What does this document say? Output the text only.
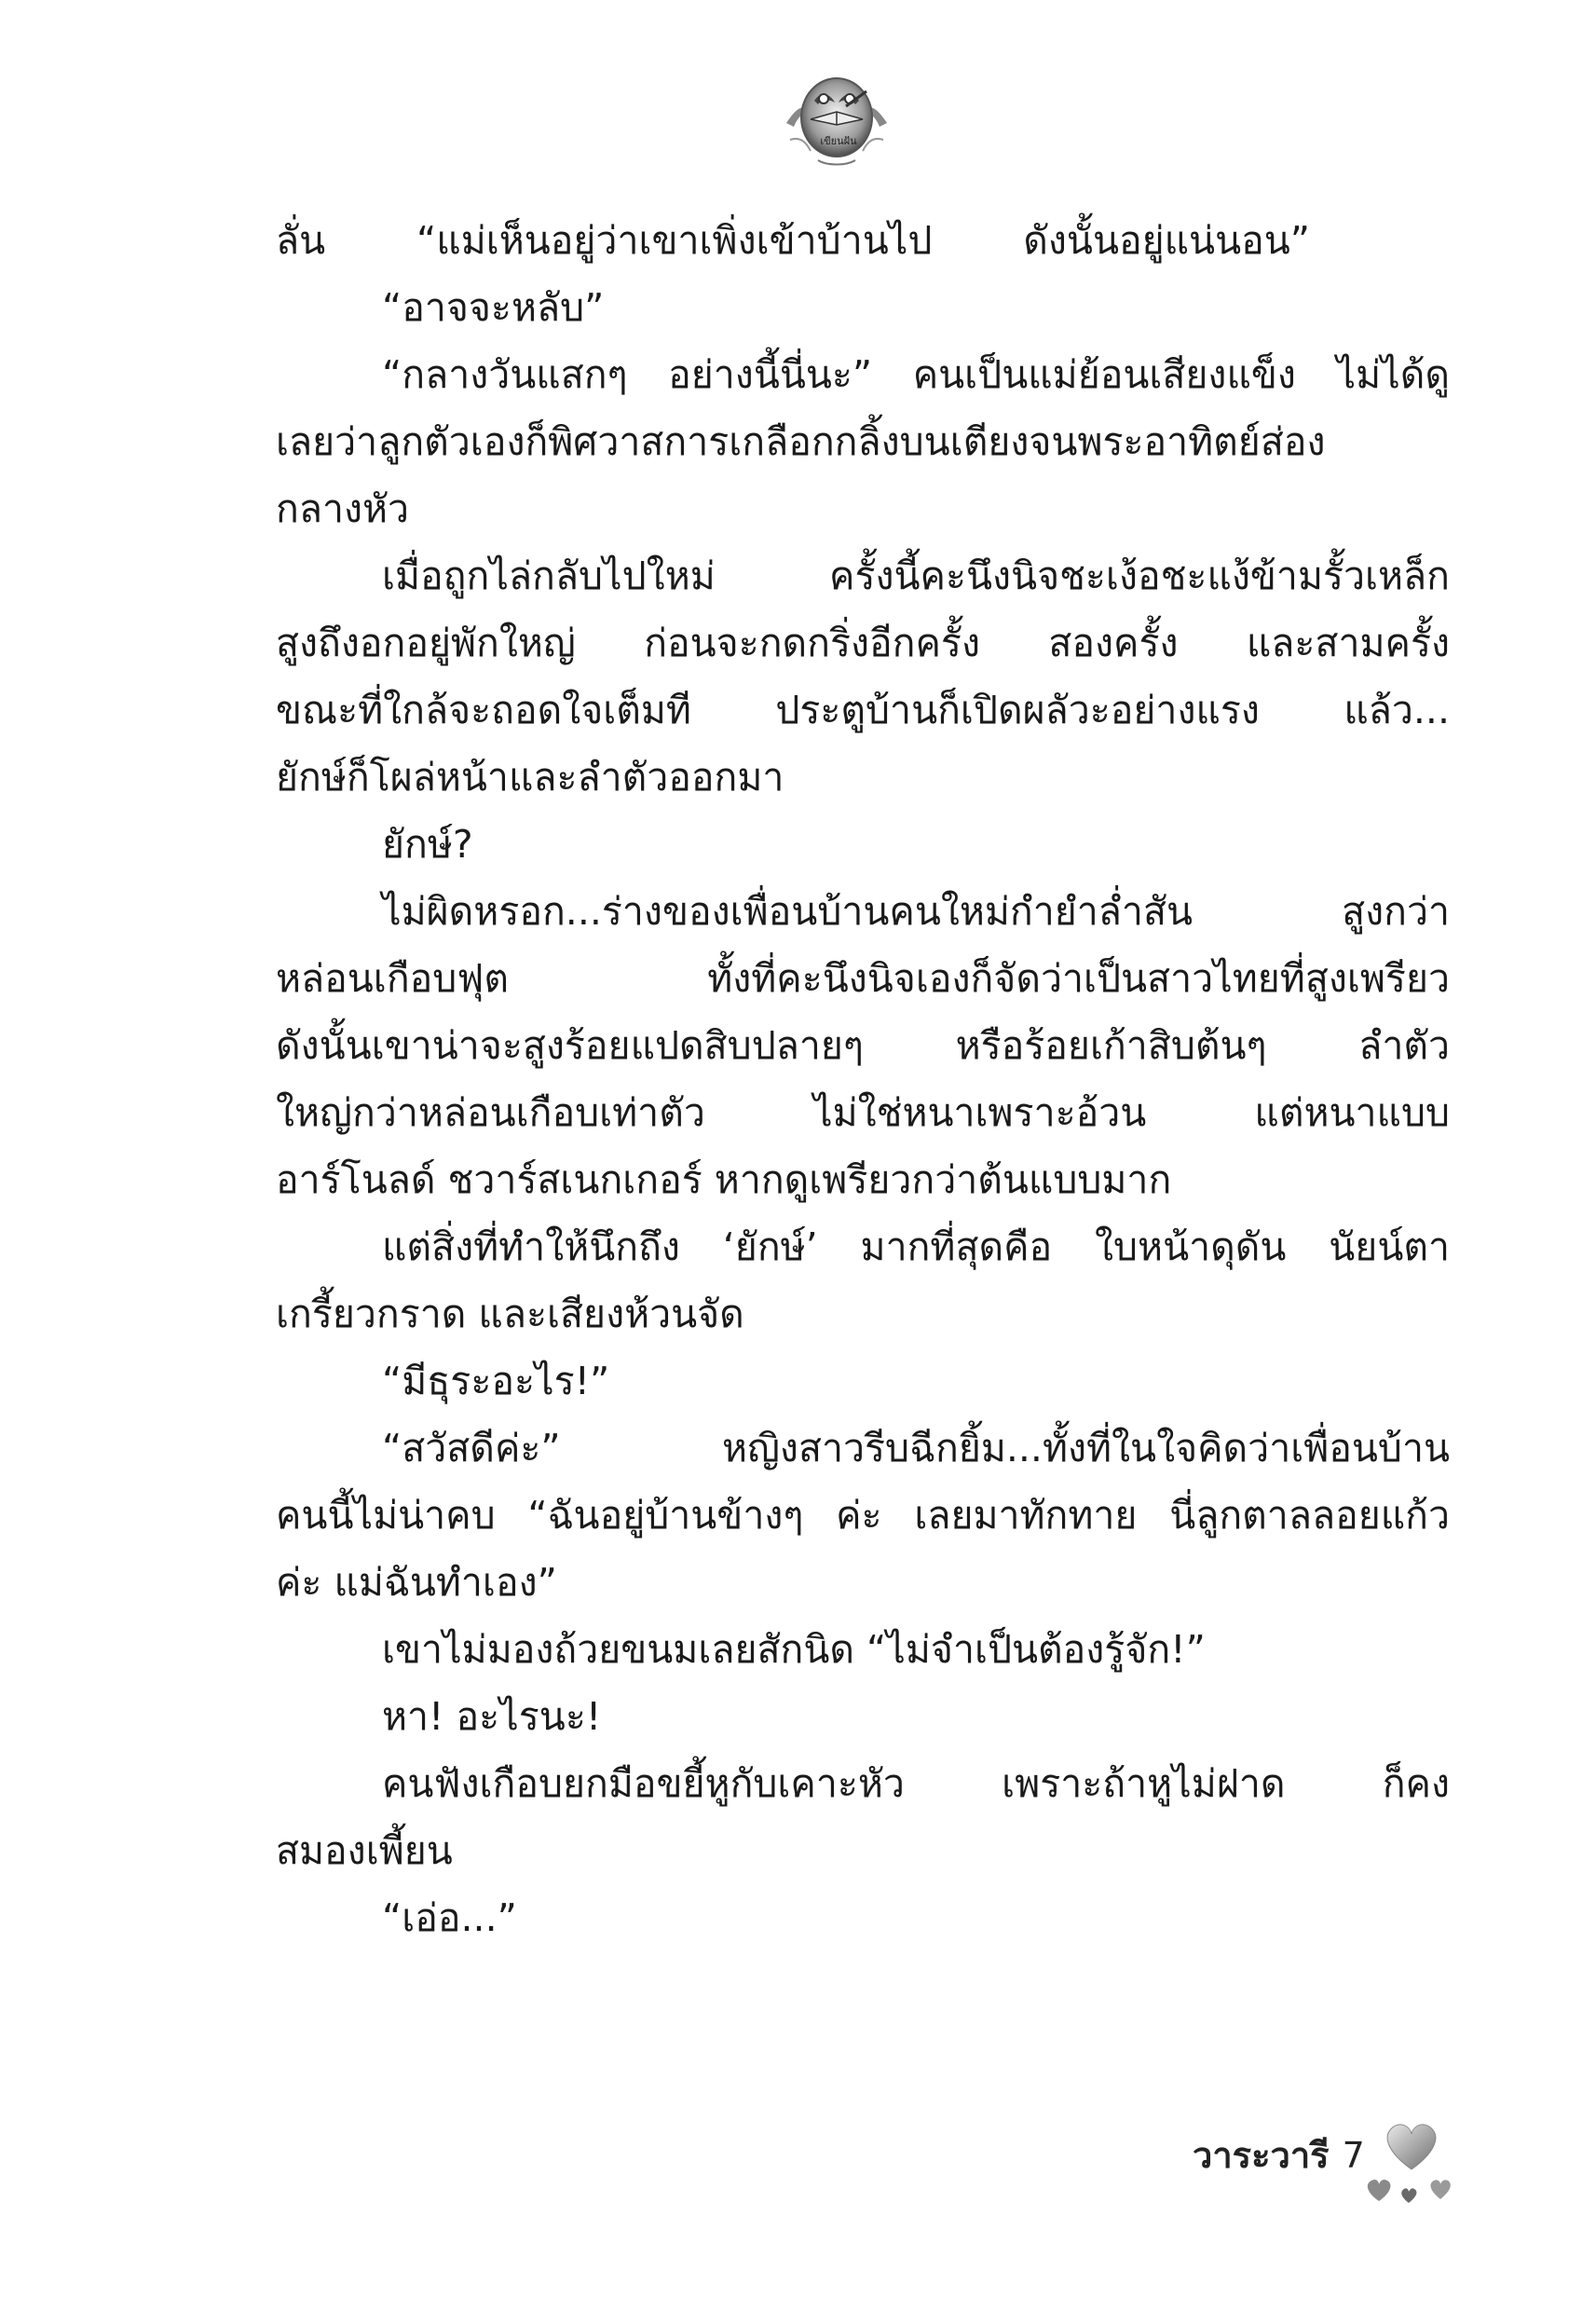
เขียนฝัน
ลั่น “แม่เห็นอยู่ว่าเขาเพิ่งเข้าบ้านไป ดังนั้นอยู่แน่นอน”
“อาจจะหลับ”
“กลางวันแสกๆ อย่างนี้นี่นะ” คนเป็นแม่ย้อนเสียงแข็ง ไม่ได้ดู
เลยว่าลูกตัวเองก็พิศวาสการเกลือกกลิ้งบนเตียงจนพระอาทิตย์ส่อง
กลางหัว
เมื่อถูกไล่กลับไปใหม่ ครั้งนี้คะนึงนิจชะเง้อชะแง้ข้ามรั้วเหล็ก
สูงถึงอกอยู่พักใหญ่ ก่อนจะกดกริ่งอีกครั้ง สองครั้ง และสามครั้ง
ขณะที่ใกล้จะถอดใจเต็มที ประตูบ้านก็เปิดผลัวะอย่างแรง แล้ว...
ยักษ์ก็โผล่หน้าและลำตัวออกมา
ยักษ์?
ไม่ผิดหรอก...ร่างของเพื่อนบ้านคนใหม่กำยำล่ำสัน สูงกว่า
หล่อนเกือบฟุต ทั้งที่คะนึงนิจเองก็จัดว่าเป็นสาวไทยที่สูงเพรียว
ดังนั้นเขาน่าจะสูงร้อยแปดสิบปลายๆ หรือร้อยเก้าสิบต้นๆ ลำตัว
ใหญ่กว่าหล่อนเกือบเท่าตัว ไม่ใช่หนาเพราะอ้วน แต่หนาแบบ
อาร์โนลด์ ชวาร์สเนกเกอร์ หากดูเพรียวกว่าต้นแบบมาก
แต่สิ่งที่ทำให้นึกถึง ‘ยักษ์’ มากที่สุดคือ ใบหน้าดุดัน นัยน์ตา
เกรี้ยวกราด และเสียงห้วนจัด
“มีธุระอะไร!”
“สวัสดีค่ะ” หญิงสาวรีบฉีกยิ้ม...ทั้งที่ในใจคิดว่าเพื่อนบ้าน
คนนี้ไม่น่าคบ “ฉันอยู่บ้านข้างๆ ค่ะ เลยมาทักทาย นี่ลูกตาลลอยแก้ว
ค่ะ แม่ฉันทำเอง”
เขาไม่มองถ้วยขนมเลยสักนิด “ไม่จำเป็นต้องรู้จัก!”
หา! อะไรนะ!
คนฟังเกือบยกมือขยี้หูกับเคาะหัว เพราะถ้าหูไม่ฝาด ก็คง
สมองเพี้ยน
“เอ่อ...”
วาระวารี 7
